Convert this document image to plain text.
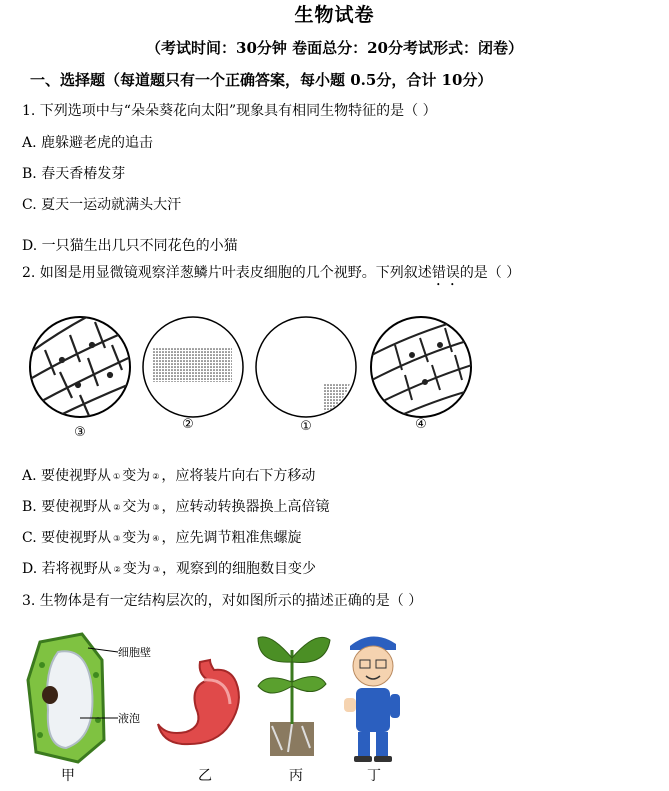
生物试卷
（考试时间：30分钟 卷面总分：20分考试形式：闭卷）
一、选择题（每道题只有一个正确答案，每小题 0.5分，合计 10分）
1. 下列选项中与“朵朵葵花向太阳”现象具有相同生物特征的是（ ）
A. 鹿躲避老虎的追击
B. 春天香椿发芽
C. 夏天一运动就满头大汗
D. 一只猫生出几只不同花色的小猫
2. 如图是用显微镜观察洋葱鳞片叶表皮细胞的几个视野。下列叙述错误的是（ ）
③
②	①	④
A. 要使视野从 ① 变为 ② ，应将装片向右下方移动
B. 要使视野从 ② 交为 ③ ，应转动转换器换上高倍镜
C. 要使视野从 ③ 变为 ④ ，应先调节粗准焦螺旋
D. 若将视野从 ② 变为 ③ ，观察到的细胞数目变少
3. 生物体是有一定结构层次的，对如图所示的描述正确的是（ ）
细胞壁
液泡
甲	乙	丙	丁
